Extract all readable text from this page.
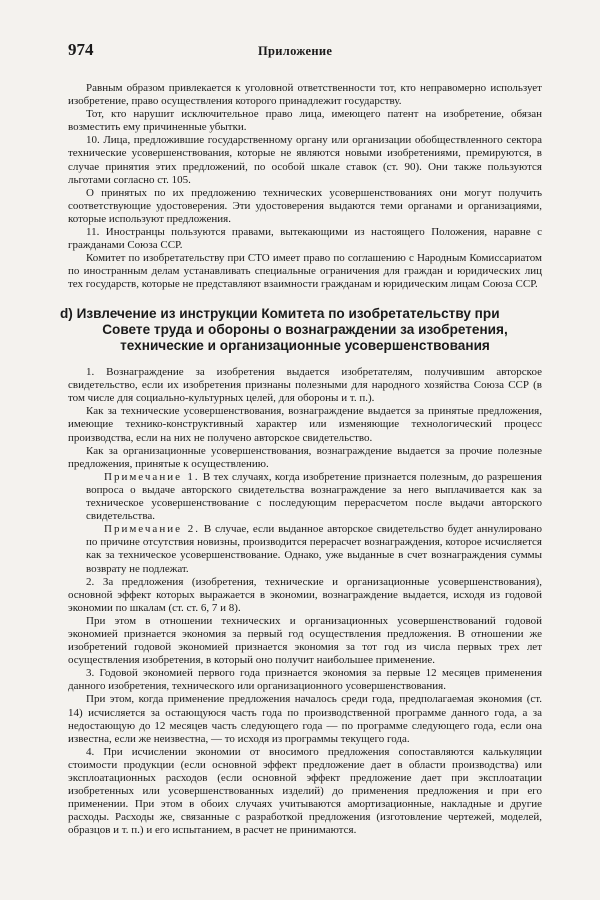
974	Приложение

Равным образом привлекается к уголовной ответственности тот, кто неправомерно использует изобретение, право осуществления которого принадлежит государству.

Тот, кто нарушит исключительное право лица, имеющего патент на изобретение, обязан возместить ему причиненные убытки.

10. Лица, предложившие государственному органу или организации обобществленного сектора технические усовершенствования, которые не являются новыми изобретениями, премируются, в случае принятия этих предложений, по особой шкале ставок (ст. 90). Они также пользуются льготами согласно ст. 105.

О принятых по их предложению технических усовершенствованиях они могут получить соответствующие удостоверения. Эти удостоверения выдаются теми органами и организациями, которые используют предложения.

11. Иностранцы пользуются правами, вытекающими из настоящего Положения, наравне с гражданами Союза ССР.

Комитет по изобретательству при СТО имеет право по соглашению с Народным Комиссариатом по иностранным делам устанавливать специальные ограничения для граждан и юридических лиц тех государств, которые не представляют взаимности гражданам и юридическим лицам Союза ССР.

d) Извлечение из инструкции Комитета по изобретательству при
Совете труда и обороны о вознаграждении за изобретения,
технические и организационные усовершенствования

1. Вознаграждение за изобретения выдается изобретателям, получившим авторское свидетельство, если их изобретения признаны полезными для народного хозяйства Союза ССР (в том числе для социально-культурных целей, для обороны и т. п.).

Как за технические усовершенствования, вознаграждение выдается за принятые предложения, имеющие технико-конструктивный характер или изменяющие технологический процесс производства, если на них не получено авторское свидетельство.

Как за организационные усовершенствования, вознаграждение выдается за прочие полезные предложения, принятые к осуществлению.

Примечание 1. В тех случаях, когда изобретение признается полезным, до разрешения вопроса о выдаче авторского свидетельства вознаграждение за него выплачивается как за техническое усовершенствование с последующим перерасчетом после выдачи авторского свидетельства.

Примечание 2. В случае, если выданное авторское свидетельство будет аннулировано по причине отсутствия новизны, производится перерасчет вознаграждения, которое исчисляется как за техническое усовершенствование. Однако, уже выданные в счет вознаграждения суммы возврату не подлежат.

2. За предложения (изобретения, технические и организационные усовершенствования), основной эффект которых выражается в экономии, вознаграждение выдается, исходя из годовой экономии по шкалам (ст. ст. 6, 7 и 8).

При этом в отношении технических и организационных усовершенствований годовой экономией признается экономия за первый год осуществления предложения. В отношении же изобретений годовой экономией признается экономия за тот год из числа первых трех лет осуществления изобретения, в который оно получит наибольшее применение.

3. Годовой экономией первого года признается экономия за первые 12 месяцев применения данного изобретения, технического или организационного усовершенствования.

При этом, когда применение предложения началось среди года, предполагаемая экономия (ст. 14) исчисляется за остающуюся часть года по производственной программе данного года, а за недостающую до 12 месяцев часть следующего года — по программе следующего года, если она известна, если же неизвестна, — то исходя из программы текущего года.

4. При исчислении экономии от вносимого предложения сопоставляются калькуляции стоимости продукции (если основной эффект предложение дает в области производства) или эксплоатационных расходов (если основной эффект предложение дает при эксплоатации изобретенных или усовершенствованных изделий) до применения предложения и при его применении. При этом в обоих случаях учитываются амортизационные, накладные и другие расходы. Расходы же, связанные с разработкой предложения (изготовление чертежей, моделей, образцов и т. п.) и его испытанием, в расчет не принимаются.
